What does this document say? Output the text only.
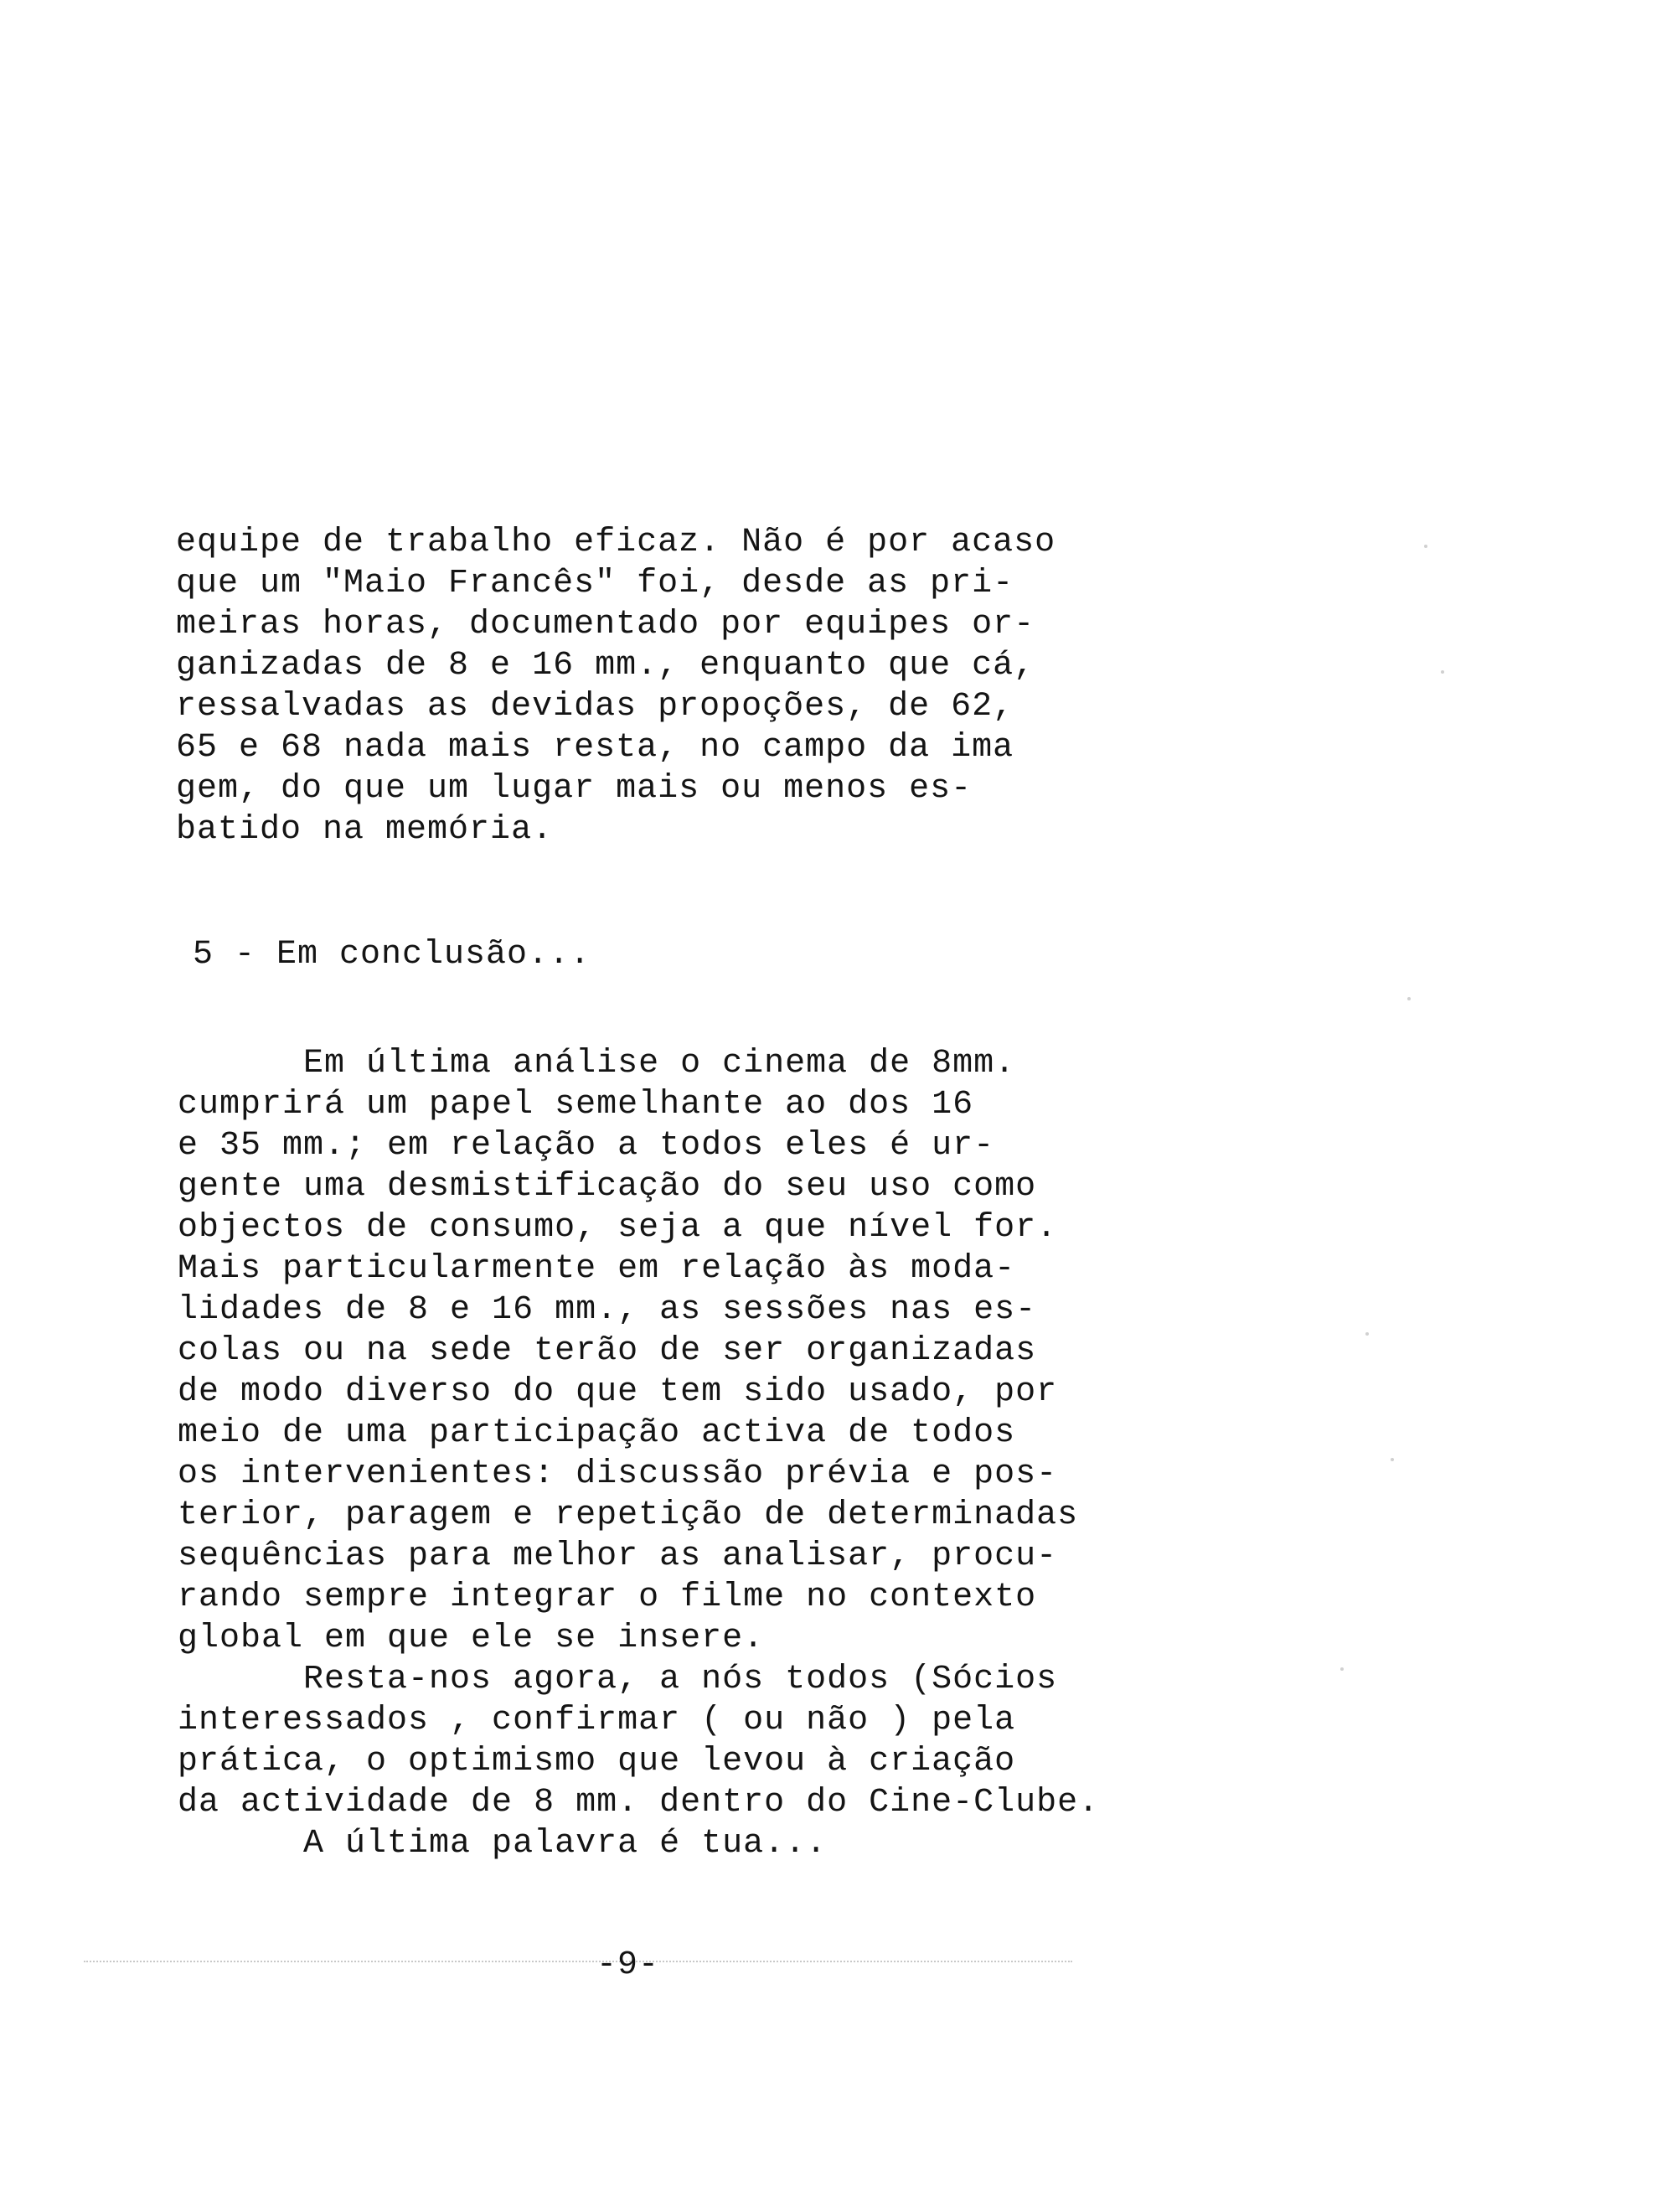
equipe de trabalho eficaz. Não é por acaso
que um "Maio Francês" foi, desde as pri-
meiras horas, documentado por equipes or-
ganizadas de 8 e 16 mm., enquanto que cá,
ressalvadas as devidas propoções, de 62,
65 e 68 nada mais resta, no campo da ima
gem, do que um lugar mais ou menos es-
batido na memória.
5 - Em conclusão...
Em última análise o cinema de 8mm.
cumprirá um papel semelhante ao dos 16
e 35 mm.; em relação a todos eles é ur-
gente uma desmistificação do seu uso como
objectos de consumo, seja a que nível for.
Mais particularmente em relação às moda-
lidades de 8 e 16 mm., as sessões nas es-
colas ou na sede terão de ser organizadas
de modo diverso do que tem sido usado, por
meio de uma participação activa de todos
os intervenientes: discussão prévia e pos-
terior, paragem e repetição de determinadas
sequências para melhor as analisar, procu-
rando sempre integrar o filme no contexto
global em que ele se insere.
Resta-nos agora, a nós todos (Sócios
interessados , confirmar ( ou não ) pela
prática, o optimismo que levou à criação
da actividade de 8 mm. dentro do Cine-Clube.
A última palavra é tua...
-9-
